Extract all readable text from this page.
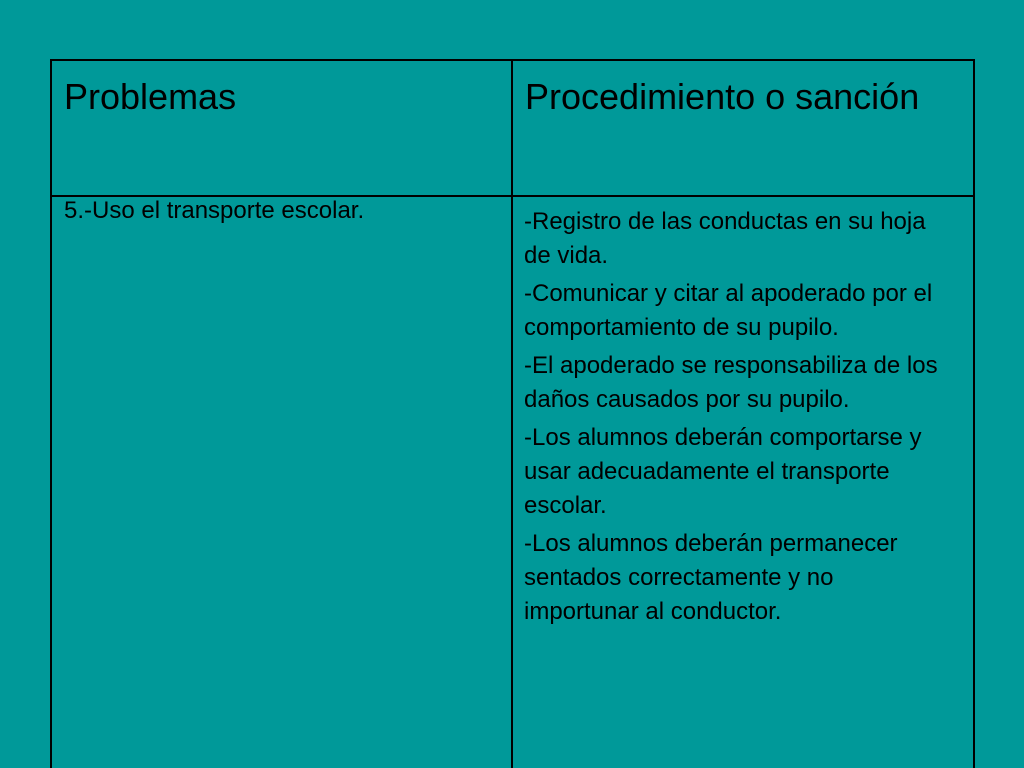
Problemas	Procedimiento o sanción
5.-Uso el transporte escolar.	-Registro de las conductas en su hoja de vida.
-Comunicar y citar al apoderado por el comportamiento de su pupilo.
-El apoderado se responsabiliza de los daños causados por su pupilo.
-Los alumnos deberán comportarse y usar adecuadamente el transporte escolar.
-Los alumnos deberán permanecer sentados correctamente y no importunar al conductor.
